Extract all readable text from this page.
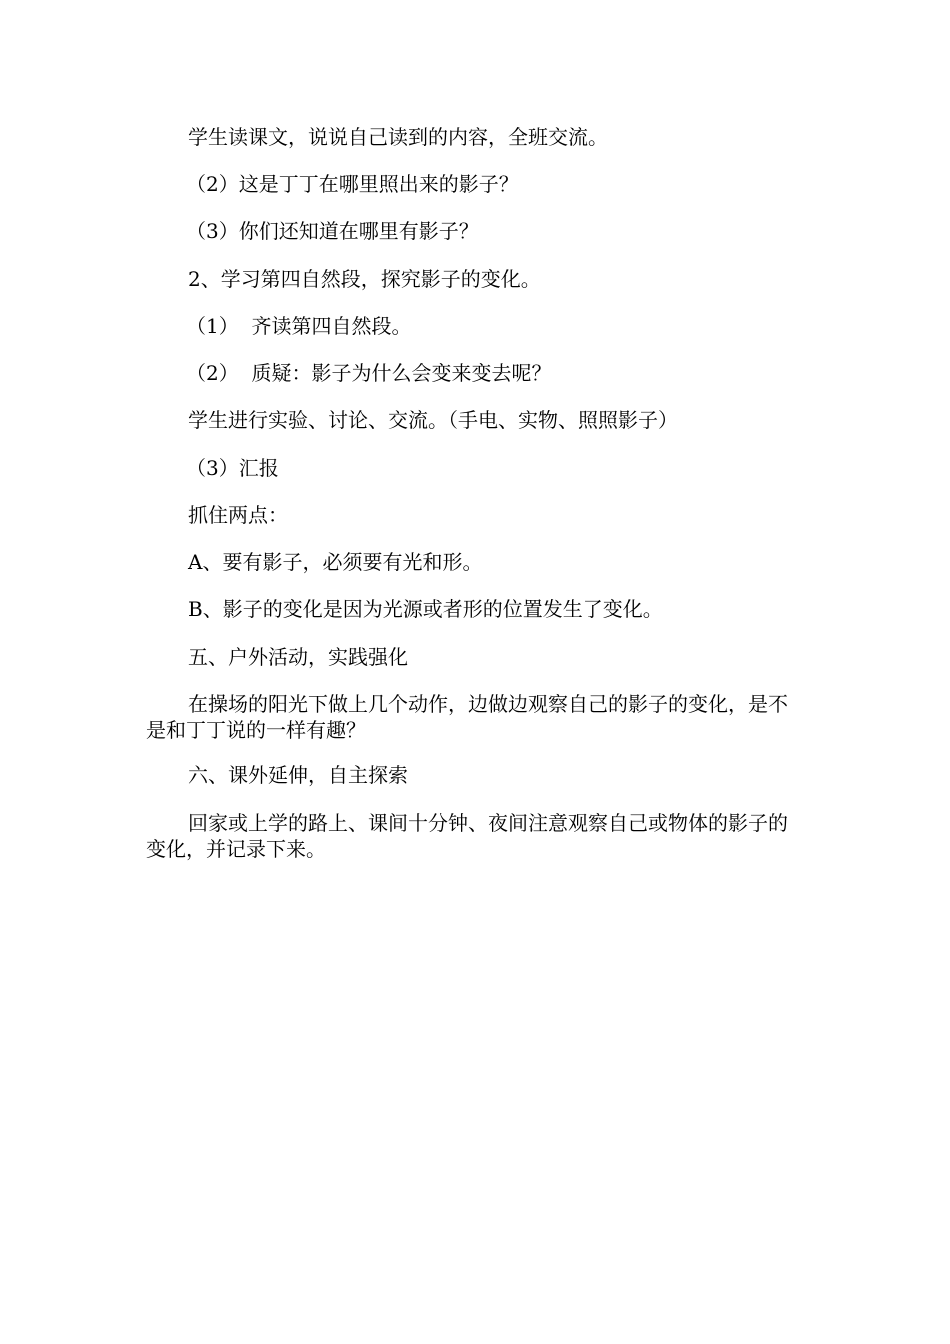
学生读课文，说说自己读到的内容，全班交流。

（2）这是丁丁在哪里照出来的影子？

（3）你们还知道在哪里有影子？

2、学习第四自然段，探究影子的变化。

（1）  齐读第四自然段。

（2）  质疑：影子为什么会变来变去呢？

学生进行实验、讨论、交流。（手电、实物、照照影子）

（3）汇报

抓住两点：

A、要有影子，必须要有光和形。

B、影子的变化是因为光源或者形的位置发生了变化。

五、户外活动，实践强化

在操场的阳光下做上几个动作，边做边观察自己的影子的变化，是不是和丁丁说的一样有趣？

六、课外延伸，自主探索

回家或上学的路上、课间十分钟、夜间注意观察自己或物体的影子的变化，并记录下来。
